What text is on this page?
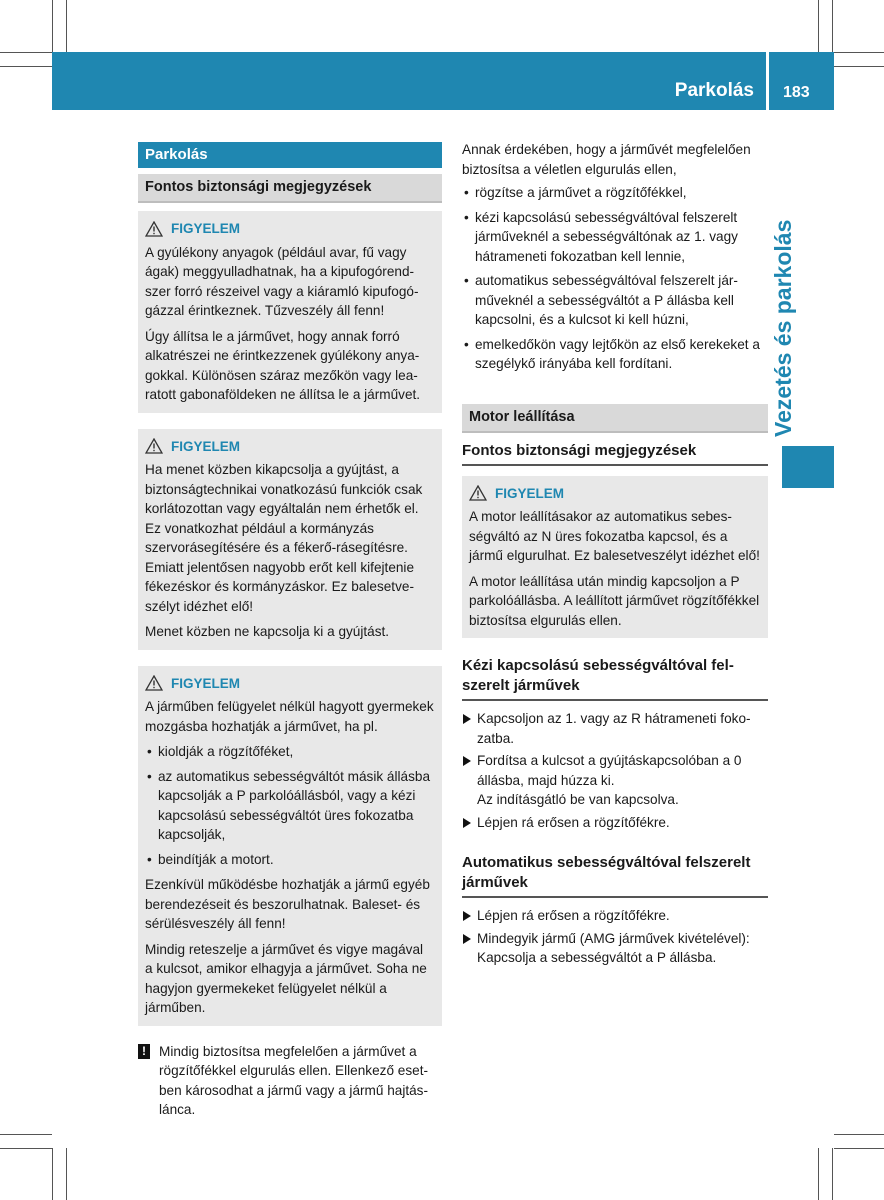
Parkolás 183
Vezetés és parkolás
Parkolás
Fontos biztonsági megjegyzések
FIGYELEM

A gyúlékony anyagok (például avar, fű vagy ágak) meggyulladhatnak, ha a kipufogórendszer forró részeivel vagy a kiáramló kipufogógázzal érintkeznek. Tűzveszély áll fenn!

Úgy állítsa le a járművet, hogy annak forró alkatrészei ne érintkezzenek gyúlékony anyagokkal. Különösen száraz mezőkön vagy learatott gabonaföldeken ne állítsa le a járművet.

FIGYELEM

Ha menet közben kikapcsolja a gyújtást, a biztonságtechnikai vonatkozású funkciók csak korlátozottan vagy egyáltalán nem érhetők el. Ez vonatkozhat például a kormányzás szervorásegítésére és a fékerő-rásegítésre. Emiatt jelentősen nagyobb erőt kell kifejtenie fékezéskor és kormányzáskor. Ez balesetveszélyt idézhet elő!

Menet közben ne kapcsolja ki a gyújtást.

FIGYELEM

A járműben felügyelet nélkül hagyott gyermekek mozgásba hozhatják a járművet, ha pl.

• kioldják a rögzítőféket,
• az automatikus sebességváltót másik állásba kapcsolják a P parkolóállásból, vagy a kézi kapcsolású sebességváltót üres fokozatba kapcsolják,
• beindítják a motort.

Ezenkívül működésbe hozhatják a jármű egyéb berendezéseit és beszorulhatnak. Baleset- és sérülésveszély áll fenn!

Mindig reteszelje a járművet és vigye magával a kulcsot, amikor elhagyja a járművet. Soha ne hagyjon gyermekeket felügyelet nélkül a járműben.

! Mindig biztosítsa megfelelően a járművet a rögzítőfékkel elgurulás ellen. Ellenkező esetben károsodhat a jármű vagy a jármű hajtáslánca.

Annak érdekében, hogy a járművét megfelelően biztosítsa a véletlen elgurulás ellen,

• rögzítse a járművet a rögzítőfékkel,
• kézi kapcsolású sebességváltóval felszerelt járműveknél a sebességváltónak az 1. vagy hátrameneti fokozatban kell lennie,
• automatikus sebességváltóval felszerelt járműveknél a sebességváltót a P állásba kell kapcsolni, és a kulcsot ki kell húzni,
• emelkedőkön vagy lejtőkön az első kerekeket a szegélykő irányába kell fordítani.
Motor leállítása
Fontos biztonsági megjegyzések
FIGYELEM

A motor leállításakor az automatikus sebességváltó az N üres fokozatba kapcsol, és a jármű elgurulhat. Ez balesetveszélyt idézhet elő!

A motor leállítása után mindig kapcsoljon a P parkolóállásba. A leállított járművet rögzítőfékkel biztosítsa elgurulás ellen.

Kézi kapcsolású sebességváltóval felszerelt járművek
Kapcsoljon az 1. vagy az R hátrameneti fokozatba.
Fordítsa a kulcsot a gyújtáskapcsolóban a 0 állásba, majd húzza ki.
Az indításgátló be van kapcsolva.
Lépjen rá erősen a rögzítőfékre.
Automatikus sebességváltóval felszerelt járművek
Lépjen rá erősen a rögzítőfékre.
Mindegyik jármű (AMG járművek kivételével): Kapcsolja a sebességváltót a P állásba.
